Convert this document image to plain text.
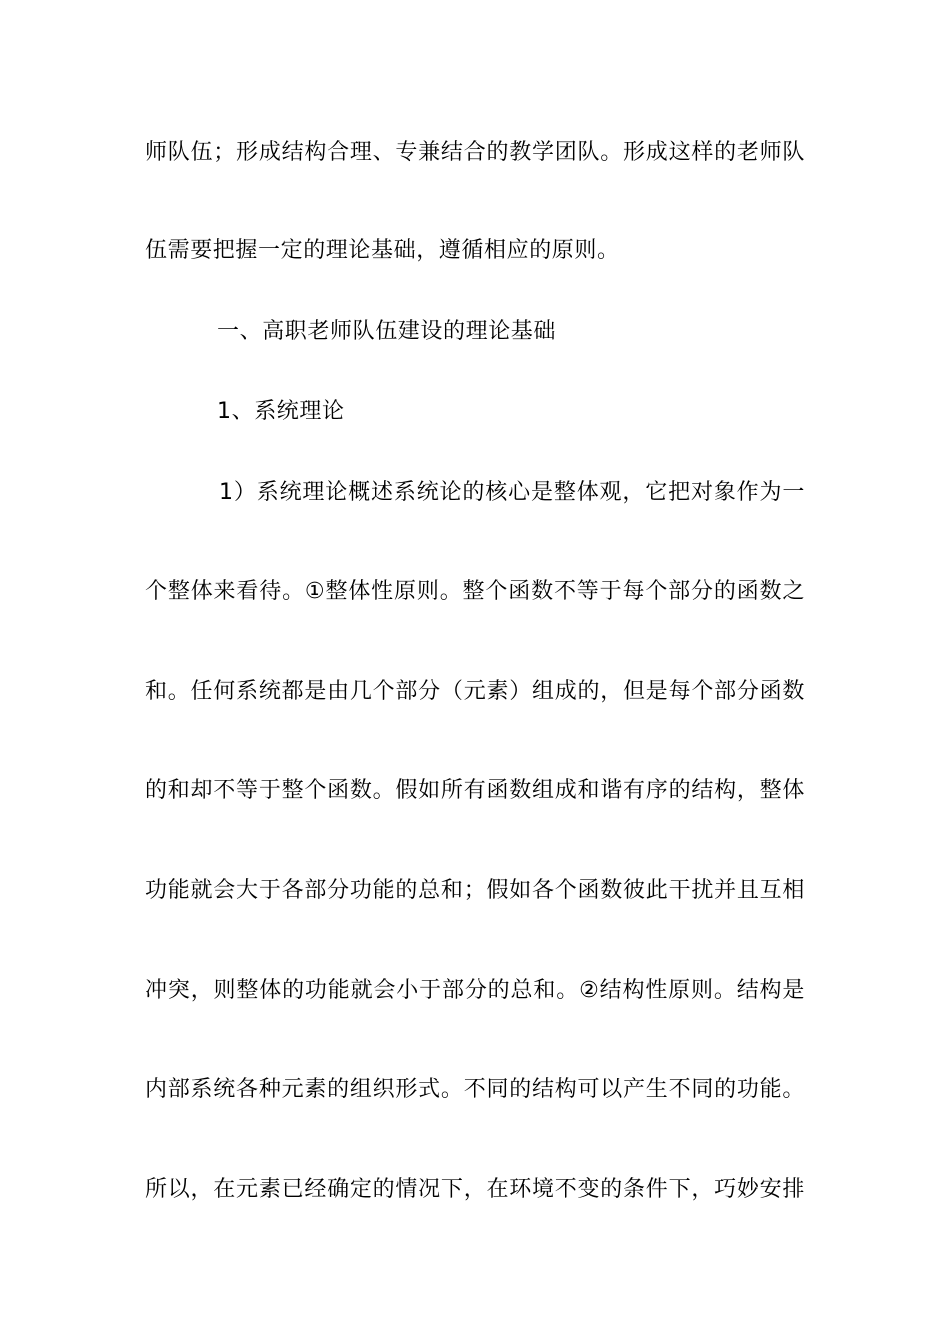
师队伍；形成结构合理、专兼结合的教学团队。形成这样的老师队
伍需要把握一定的理论基础，遵循相应的原则。
一、高职老师队伍建设的理论基础
1、系统理论
1）系统理论概述系统论的核心是整体观，它把对象作为一
个整体来看待。①整体性原则。整个函数不等于每个部分的函数之
和。任何系统都是由几个部分（元素）组成的，但是每个部分函数
的和却不等于整个函数。假如所有函数组成和谐有序的结构，整体
功能就会大于各部分功能的总和；假如各个函数彼此干扰并且互相
冲突，则整体的功能就会小于部分的总和。②结构性原则。结构是
内部系统各种元素的组织形式。不同的结构可以产生不同的功能。
所以，在元素已经确定的情况下，在环境不变的条件下，巧妙安排
